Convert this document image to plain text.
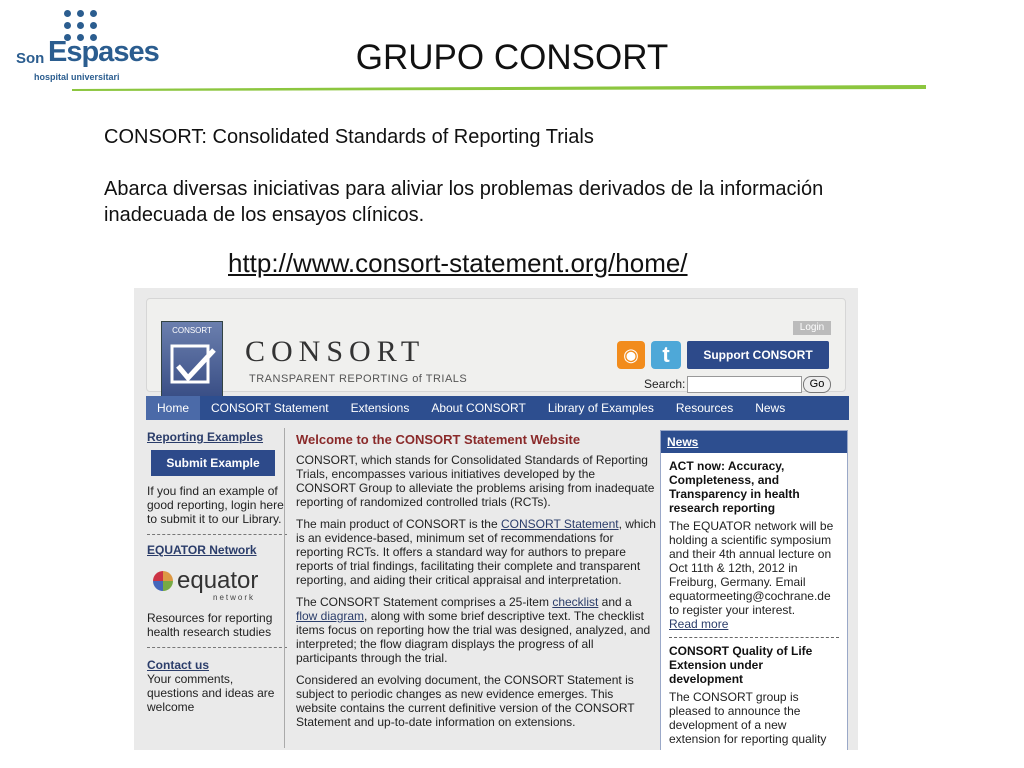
Son Espases
hospital universitari	GRUPO CONSORT
CONSORT: Consolidated Standards of Reporting Trials
Abarca diversas iniciativas para aliviar los problemas derivados de la información inadecuada de los ensayos clínicos.
http://www.consort-statement.org/home/
CONSORT
CONSORT
TRANSPARENT REPORTING of TRIALS
Login
◉	t	Support CONSORT
Search:	Go
Home	CONSORT Statement	Extensions	About CONSORT	Library of Examples	Resources	News
Reporting Examples
Submit Example
If you find an example of good reporting, login here to submit it to our Library.
EQUATOR Network
equator
network
Resources for reporting health research studies
Contact us
Your comments, questions and ideas are welcome
Welcome to the CONSORT Statement Website
CONSORT, which stands for Consolidated Standards of Reporting Trials, encompasses various initiatives developed by the CONSORT Group to alleviate the problems arising from inadequate reporting of randomized controlled trials (RCTs).
The main product of CONSORT is the CONSORT Statement, which is an evidence-based, minimum set of recommendations for reporting RCTs. It offers a standard way for authors to prepare reports of trial findings, facilitating their complete and transparent reporting, and aiding their critical appraisal and interpretation.
The CONSORT Statement comprises a 25-item checklist and a flow diagram, along with some brief descriptive text. The checklist items focus on reporting how the trial was designed, analyzed, and interpreted; the flow diagram displays the progress of all participants through the trial.
Considered an evolving document, the CONSORT Statement is subject to periodic changes as new evidence emerges. This website contains the current definitive version of the CONSORT Statement and up-to-date information on extensions.
News
ACT now: Accuracy, Completeness, and Transparency in health research reporting
The EQUATOR network will be holding a scientific symposium and their 4th annual lecture on Oct 11th & 12th, 2012 in Freiburg, Germany. Email equatormeeting@cochrane.de to register your interest.
Read more
CONSORT Quality of Life Extension under development
The CONSORT group is pleased to announce the development of a new extension for reporting quality
